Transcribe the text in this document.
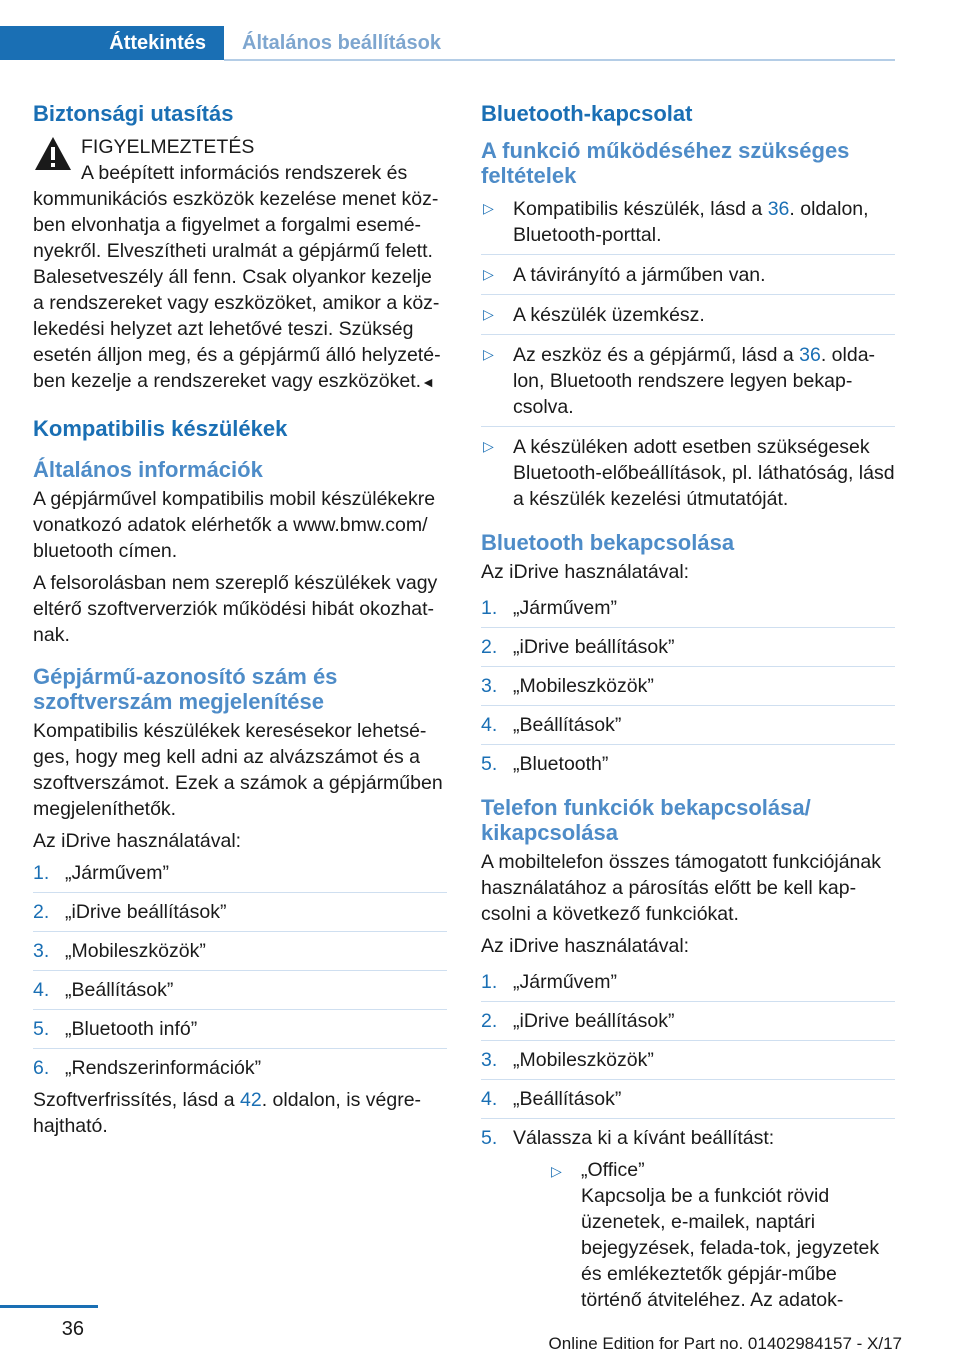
Áttekintés	Általános beállítások
Biztonsági utasítás

FIGYELMEZTETÉS

A beépített információs rendszerek és

kommunikációs eszközök kezelése menet köz-ben elvonhatja a figyelmet a forgalmi esemé-nyekről. Elveszítheti uralmát a gépjármű felett. Balesetveszély áll fenn. Csak olyankor kezelje a rendszereket vagy eszközöket, amikor a köz-lekedési helyzet azt lehetővé teszi. Szükség esetén álljon meg, és a gépjármű álló helyzeté-ben kezelje a rendszereket vagy eszközöket.◄

Kompatibilis készülékek
Általános információk

A gépjárművel kompatibilis mobil készülékekre vonatkozó adatok elérhetők a www.bmw.com/ bluetooth címen.

A felsorolásban nem szereplő készülékek vagy eltérő szoftververziók működési hibát okozhat-nak.

Gépjármű-azonosító szám és
szoftverszám megjelenítése

Kompatibilis készülékek keresésekor lehetsé-ges, hogy meg kell adni az alvázszámot és a szoftverszámot. Ezek a számok a gépjárműben megjeleníthetők.

Az iDrive használatával:

1. „Járművem”
2. „iDrive beállítások”
3. „Mobileszközök”
4. „Beállítások”
5. „Bluetooth infó”
6. „Rendszerinformációk”

Szoftverfrissítés, lásd a 42. oldalon, is végre-hajtható.

Bluetooth-kapcsolat
A funkció működéséhez szükséges
feltételek
▷ Kompatibilis készülék, lásd a 36. oldalon, Bluetooth-porttal.
▷ A távirányító a járműben van.
▷ A készülék üzemkész.
▷ Az eszköz és a gépjármű, lásd a 36. olda-lon, Bluetooth rendszere legyen bekap-csolva.
▷ A készüléken adott esetben szükségesek Bluetooth-előbeállítások, pl. láthatóság, lásd a készülék kezelési útmutatóját.
Bluetooth bekapcsolása

Az iDrive használatával:

1. „Járművem”
2. „iDrive beállítások”
3. „Mobileszközök”
4. „Beállítások”
5. „Bluetooth”
Telefon funkciók bekapcsolása/
kikapcsolása

A mobiltelefon összes támogatott funkciójának használatához a párosítás előtt be kell kap-csolni a következő funkciókat.

Az iDrive használatával:

1. „Járművem”
2. „iDrive beállítások”
3. „Mobileszközök”
4. „Beállítások”
5. Válassza ki a kívánt beállítást:
▷ „Office”
Kapcsolja be a funkciót rövid üzenetek, e-mailek, naptári bejegyzések, felada-tok, jegyzetek és emlékeztetők gépjár-műbe történő átviteléhez. Az adatok-
36
Online Edition for Part no. 01402984157 - X/17
